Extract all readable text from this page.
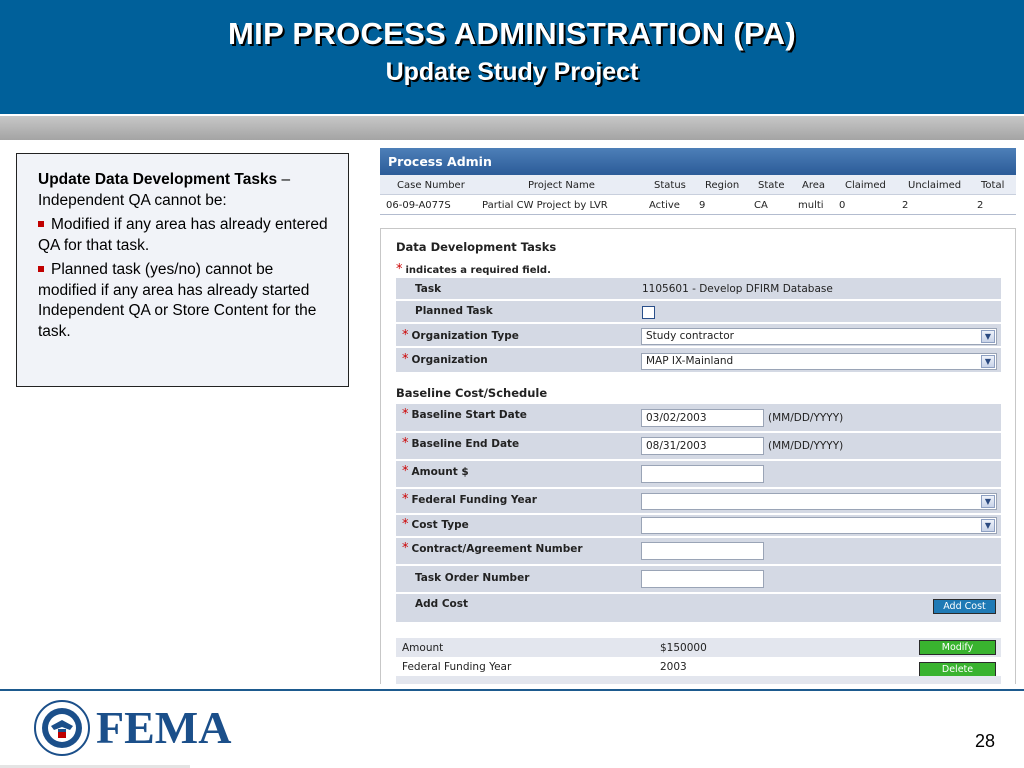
MIP PROCESS ADMINISTRATION (PA)
Update Study Project
Update Data Development Tasks –
Independent QA cannot be:
Modified if any area has already entered QA for that task.
Planned task (yes/no) cannot be modified if any area has already started Independent QA or Store Content for the task.
Process Admin
Case Number	Project Name	Status Region State Area Claimed Unclaimed Total
06-09-A077S	Partial CW Project by LVR	Active 9	CA	multi 0	2	2
Data Development Tasks
* indicates a required field.
Task	1105601 - Develop DFIRM Database
Planned Task
* Organization Type	Study contractor	▼
* Organization	MAP IX-Mainland	▼
Baseline Cost/Schedule
* Baseline Start Date	03/02/2003	(MM/DD/YYYY)
* Baseline End Date	08/31/2003	(MM/DD/YYYY)
* Amount $
* Federal Funding Year	▼
* Cost Type	▼
* Contract/Agreement Number
Task Order Number
Add Cost	Add Cost
Amount	$150000	Modify
Federal Funding Year	2003	Delete
FEMA	28
